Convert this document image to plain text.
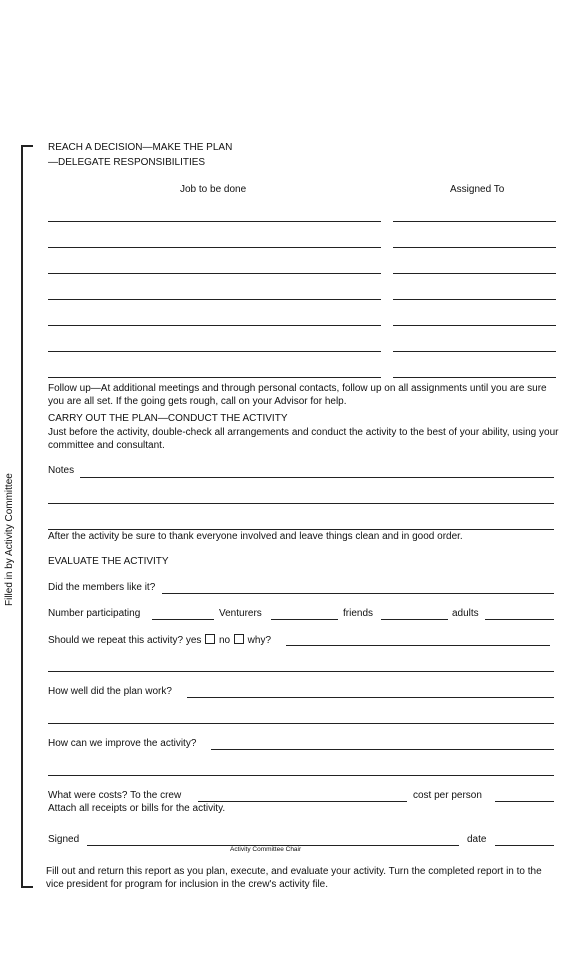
Filled in by Activity Committee
REACH A DECISION—MAKE THE PLAN
—DELEGATE RESPONSIBILITIES
Job to be done	Assigned To
Follow up—At additional meetings and through personal contacts, follow up on all assignments until you are sure you are all set. If the going gets rough, call on your Advisor for help.
CARRY OUT THE PLAN—CONDUCT THE ACTIVITY
Just before the activity, double-check all arrangements and conduct the activity to the best of your ability, using your committee and consultant.
Notes
After the activity be sure to thank everyone involved and leave things clean and in good order.
EVALUATE THE ACTIVITY
Did the members like it?
Number participating	Venturers	friends	adults
Should we repeat this activity? yes no why?
How well did the plan work?
How can we improve the activity?
What were costs? To the crew	cost per person
Attach all receipts or bills for the activity.
Signed
Activity Committee Chair
date
Fill out and return this report as you plan, execute, and evaluate your activity. Turn the completed report in to the vice president for program for inclusion in the crew's activity file.
